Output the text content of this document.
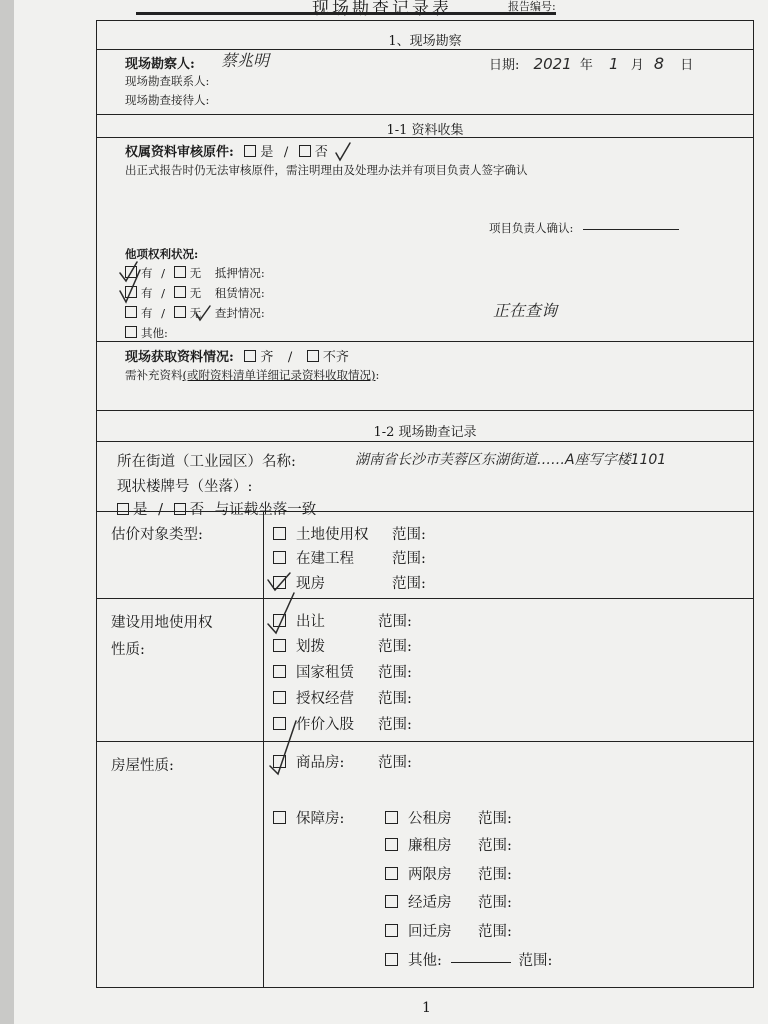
现场勘查记录表	报告编号:
1、现场勘察
现场勘察人: 蔡兆明	日期: 2021 年 1 月 8 日
现场勘查联系人:
现场勘查接待人:
1-1 资料收集
权属资料审核原件: 是 / 否
出正式报告时仍无法审核原件，需注明理由及处理办法并有项目负责人签字确认
项目负责人确认:
他项权利状况:
有 / 无 抵押情况:
有 / 无 租赁情况:
有 / 无 查封情况:	正在查询
其他:
现场获取资料情况: 齐 / 不齐
需补充资料(或附资料清单详细记录资料收取情况):
1-2 现场勘查记录
所在街道（工业园区）名称:	湖南省长沙市芙蓉区东湖街道……A座写字楼1101
现状楼牌号（坐落）:
是 / 否 与证载坐落一致
估价对象类型:	土地使用权 范围:
在建工程	范围:
现房	范围:
建设用地使用权
性质:
出让	范围:
划拨	范围:
国家租赁 范围:
授权经营 范围:
作价入股 范围:
房屋性质:	商品房: 范围:
保障房:	公租房 范围:
廉租房 范围:
两限房 范围:
经适房 范围:
回迁房 范围:
其他:	范围:
1
